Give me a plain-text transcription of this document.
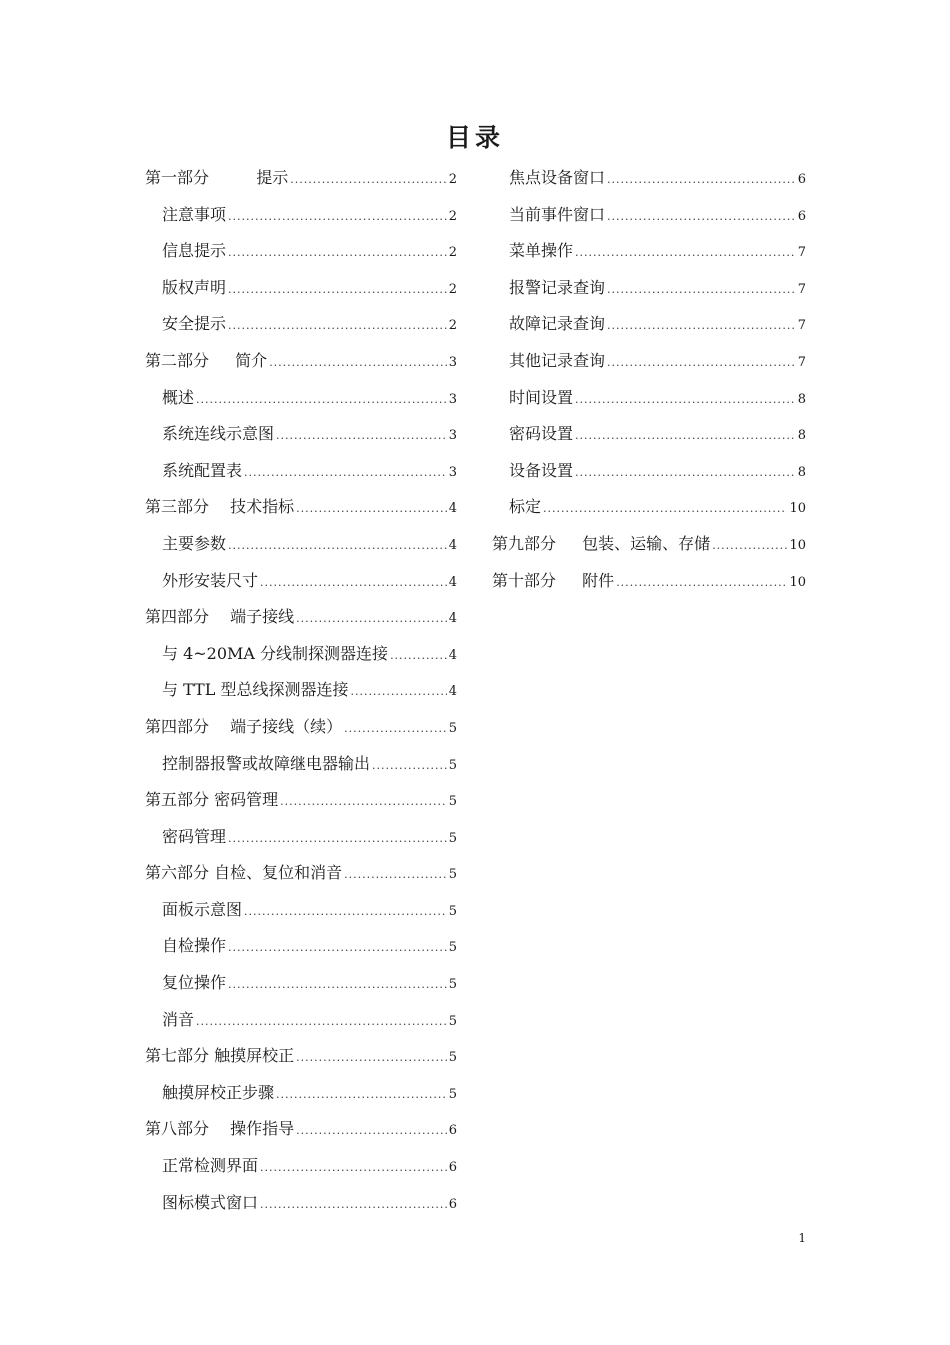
目录
第一部分 　 　 提示 .....	2
注意事项 .....	2
信息提示 .....	2
版权声明 .....	2
安全提示 .....	2
第二部分 　 简介 .....	3
概述 .....	3
系统连线示意图 .....	3
系统配置表 .....	3
第三部分 　技术指标 .....	4
主要参数 .....	4
外形安装尺寸 .....	4
第四部分 　端子接线 .....	4
与 4~20MA 分线制探测器连接 .....	4
与 TTL 型总线探测器连接 .....	4
第四部分 　端子接线（续） .....	5
控制器报警或故障继电器输出 .....	5
第五部分 密码管理 .....	5
密码管理 .....	5
第六部分 自检、复位和消音 .....	5
面板示意图 .....	5
自检操作 .....	5
复位操作 .....	5
消音 .....	5
第七部分 触摸屏校正 .....	5
触摸屏校正步骤 .....	5
第八部分 　操作指导 .....	6
正常检测界面 .....	6
图标模式窗口 .....	6
焦点设备窗口 .....	6
当前事件窗口 .....	6
菜单操作 .....	7
报警记录查询 .....	7
故障记录查询 .....	7
其他记录查询 .....	7
时间设置 .....	8
密码设置 .....	8
设备设置 .....	8
标定 .....	10
第九部分 　 包装、运输、存储 .....	10
第十部分 　 附件 .....	10
1
